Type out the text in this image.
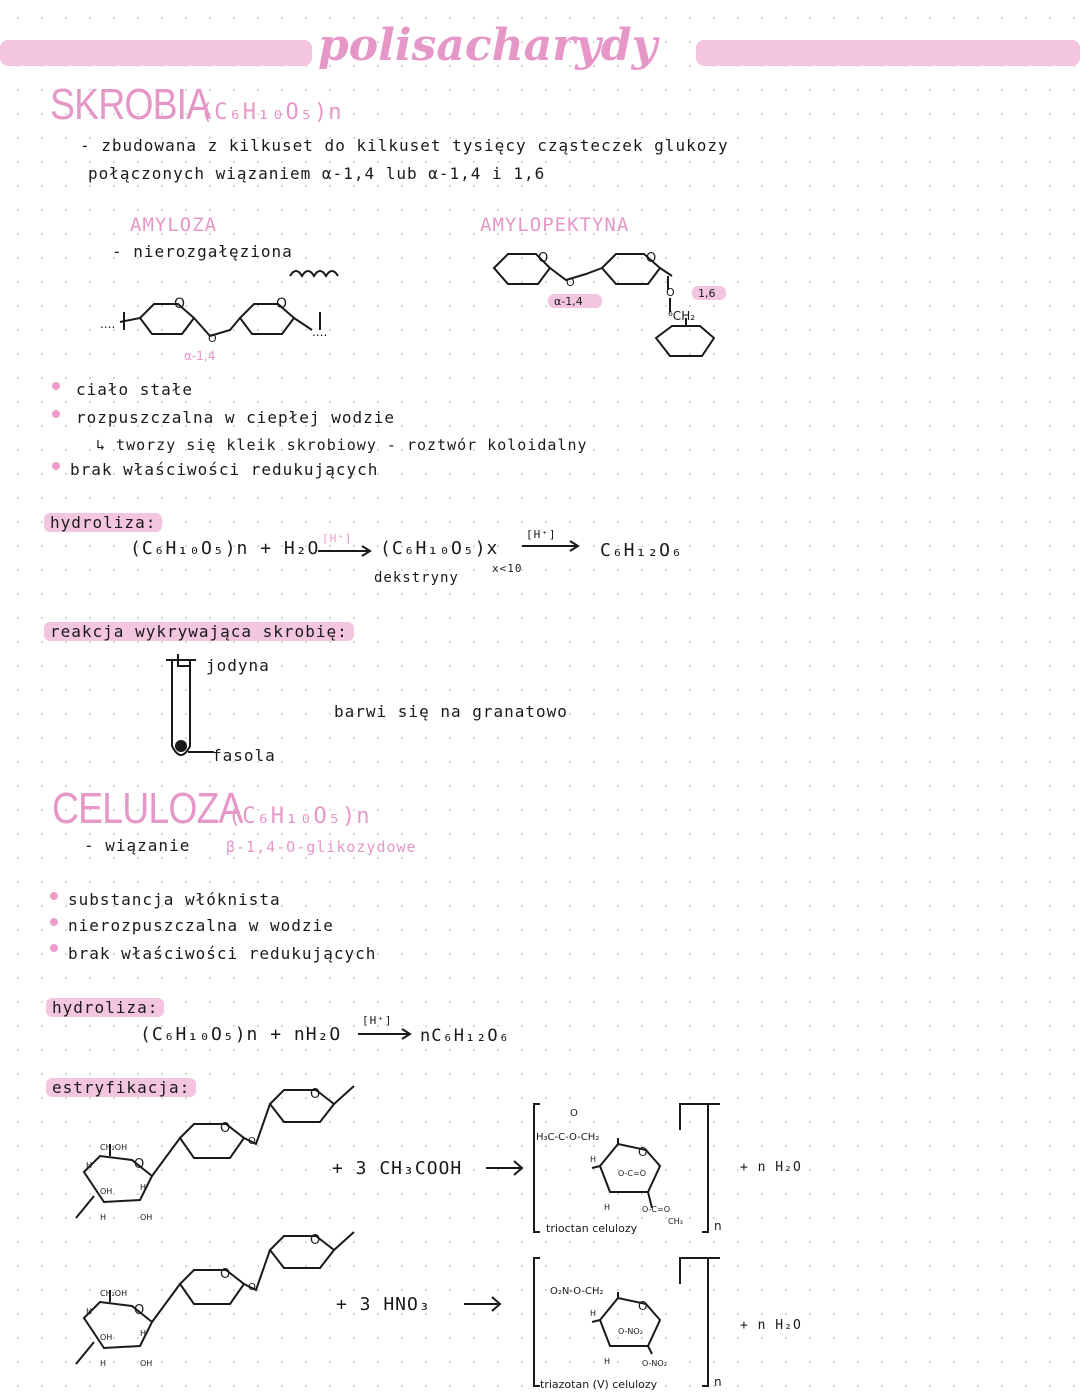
polisacharydy
SKROBIA
(C₆H₁₀O₅)n
- zbudowana z kilkuset do kilkuset tysięcy cząsteczek glukozy
połączonych wiązaniem α-1,4 lub α-1,4 i 1,6
AMYLOZA
- nierozgałęziona
AMYLOPEKTYNA
O	O
O
....
....
α-1,4
O	O
O
O
⁶CH₂
α-1,4
1,6
ciało stałe
rozpuszczalna w ciepłej wodzie
↳ tworzy się kleik skrobiowy - roztwór koloidalny
brak właściwości redukujących
hydroliza:
(C₆H₁₀O₅)n + H₂O [H⁺] (C₆H₁₀O₅)x
dekstryny
x<10
[H⁺]
C₆H₁₂O₆
reakcja wykrywająca skrobię:
jodyna
fasola
barwi się na granatowo
CELULOZA
(C₆H₁₀O₅)n
- wiązanie β-1,4-O-glikozydowe
substancja włóknista
nierozpuszczalna w wodzie
brak właściwości redukujących
hydroliza:
(C₆H₁₀O₅)n + nH₂O
[H⁺]
nC₆H₁₂O₆
estryfikacja:
O
O
O
O
CH₂OH
H
OH	H
H	OH
+ 3 CH₃COOH
H₃C-C-O-CH₂
O
O
H
H
O-C=O
O-C=O
CH₃
trioctan celulozy	n
+ n H₂O
O
O
O
O
CH₂OH
H
OH	H
H	OH
+ 3 HNO₃
O₂N-O-CH₂
O
H
H
O-NO₂
O-NO₂
triazotan (V) celulozy	n
+ n H₂O
